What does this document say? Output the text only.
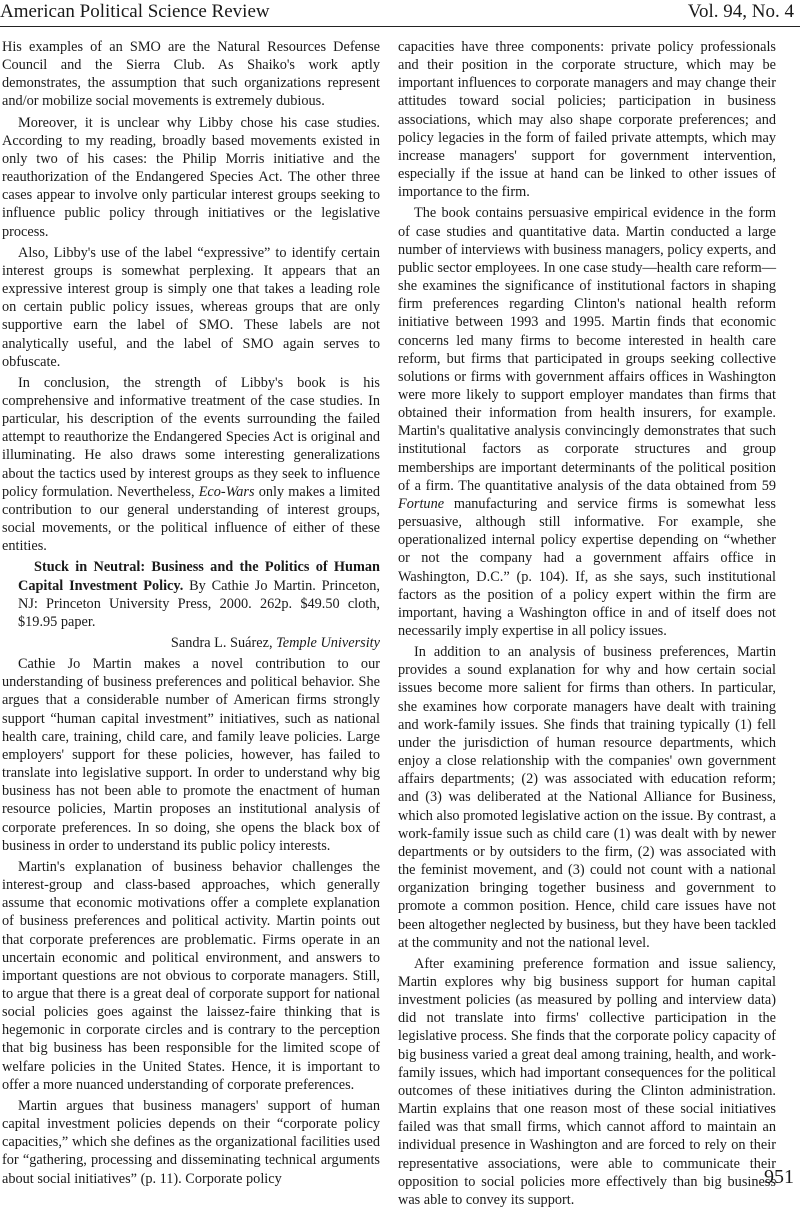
American Political Science Review	Vol. 94, No. 4

His examples of an SMO are the Natural Resources Defense Council and the Sierra Club. As Shaiko's work aptly demonstrates, the assumption that such organizations represent and/or mobilize social movements is extremely dubious.

Moreover, it is unclear why Libby chose his case studies. According to my reading, broadly based movements existed in only two of his cases: the Philip Morris initiative and the reauthorization of the Endangered Species Act. The other three cases appear to involve only particular interest groups seeking to influence public policy through initiatives or the legislative process.

Also, Libby's use of the label “expressive” to identify certain interest groups is somewhat perplexing. It appears that an expressive interest group is simply one that takes a leading role on certain public policy issues, whereas groups that are only supportive earn the label of SMO. These labels are not analytically useful, and the label of SMO again serves to obfuscate.

In conclusion, the strength of Libby's book is his comprehensive and informative treatment of the case studies. In particular, his description of the events surrounding the failed attempt to reauthorize the Endangered Species Act is original and illuminating. He also draws some interesting generalizations about the tactics used by interest groups as they seek to influence policy formulation. Nevertheless, Eco-Wars only makes a limited contribution to our general understanding of interest groups, social movements, or the political influence of either of these entities.

Stuck in Neutral: Business and the Politics of Human Capital Investment Policy. By Cathie Jo Martin. Princeton, NJ: Princeton University Press, 2000. 262p. $49.50 cloth, $19.95 paper.

Sandra L. Suárez, Temple University

Cathie Jo Martin makes a novel contribution to our understanding of business preferences and political behavior. She argues that a considerable number of American firms strongly support “human capital investment” initiatives, such as national health care, training, child care, and family leave policies. Large employers' support for these policies, however, has failed to translate into legislative support. In order to understand why big business has not been able to promote the enactment of human resource policies, Martin proposes an institutional analysis of corporate preferences. In so doing, she opens the black box of business in order to understand its public policy interests.

Martin's explanation of business behavior challenges the interest-group and class-based approaches, which generally assume that economic motivations offer a complete explanation of business preferences and political activity. Martin points out that corporate preferences are problematic. Firms operate in an uncertain economic and political environment, and answers to important questions are not obvious to corporate managers. Still, to argue that there is a great deal of corporate support for national social policies goes against the laissez-faire thinking that is hegemonic in corporate circles and is contrary to the perception that big business has been responsible for the limited scope of welfare policies in the United States. Hence, it is important to offer a more nuanced understanding of corporate preferences.

Martin argues that business managers' support of human capital investment policies depends on their “corporate policy capacities,” which she defines as the organizational facilities used for “gathering, processing and disseminating technical arguments about social initiatives” (p. 11). Corporate policy

capacities have three components: private policy professionals and their position in the corporate structure, which may be important influences to corporate managers and may change their attitudes toward social policies; participation in business associations, which may also shape corporate preferences; and policy legacies in the form of failed private attempts, which may increase managers' support for government intervention, especially if the issue at hand can be linked to other issues of importance to the firm.

The book contains persuasive empirical evidence in the form of case studies and quantitative data. Martin conducted a large number of interviews with business managers, policy experts, and public sector employees. In one case study—health care reform—she examines the significance of institutional factors in shaping firm preferences regarding Clinton's national health reform initiative between 1993 and 1995. Martin finds that economic concerns led many firms to become interested in health care reform, but firms that participated in groups seeking collective solutions or firms with government affairs offices in Washington were more likely to support employer mandates than firms that obtained their information from health insurers, for example. Martin's qualitative analysis convincingly demonstrates that such institutional factors as corporate structures and group memberships are important determinants of the political position of a firm. The quantitative analysis of the data obtained from 59 Fortune manufacturing and service firms is somewhat less persuasive, although still informative. For example, she operationalized internal policy expertise depending on “whether or not the company had a government affairs office in Washington, D.C.” (p. 104). If, as she says, such institutional factors as the position of a policy expert within the firm are important, having a Washington office in and of itself does not necessarily imply expertise in all policy issues.

In addition to an analysis of business preferences, Martin provides a sound explanation for why and how certain social issues become more salient for firms than others. In particular, she examines how corporate managers have dealt with training and work-family issues. She finds that training typically (1) fell under the jurisdiction of human resource departments, which enjoy a close relationship with the companies' own government affairs departments; (2) was associated with education reform; and (3) was deliberated at the National Alliance for Business, which also promoted legislative action on the issue. By contrast, a work-family issue such as child care (1) was dealt with by newer departments or by outsiders to the firm, (2) was associated with the feminist movement, and (3) could not count with a national organization bringing together business and government to promote a common position. Hence, child care issues have not been altogether neglected by business, but they have been tackled at the community and not the national level.

After examining preference formation and issue saliency, Martin explores why big business support for human capital investment policies (as measured by polling and interview data) did not translate into firms' collective participation in the legislative process. She finds that the corporate policy capacity of big business varied a great deal among training, health, and work-family issues, which had important consequences for the political outcomes of these initiatives during the Clinton administration. Martin explains that one reason most of these social initiatives failed was that small firms, which cannot afford to maintain an individual presence in Washington and are forced to rely on their representative associations, were able to communicate their opposition to social policies more effectively than big business was able to convey its support.

951
